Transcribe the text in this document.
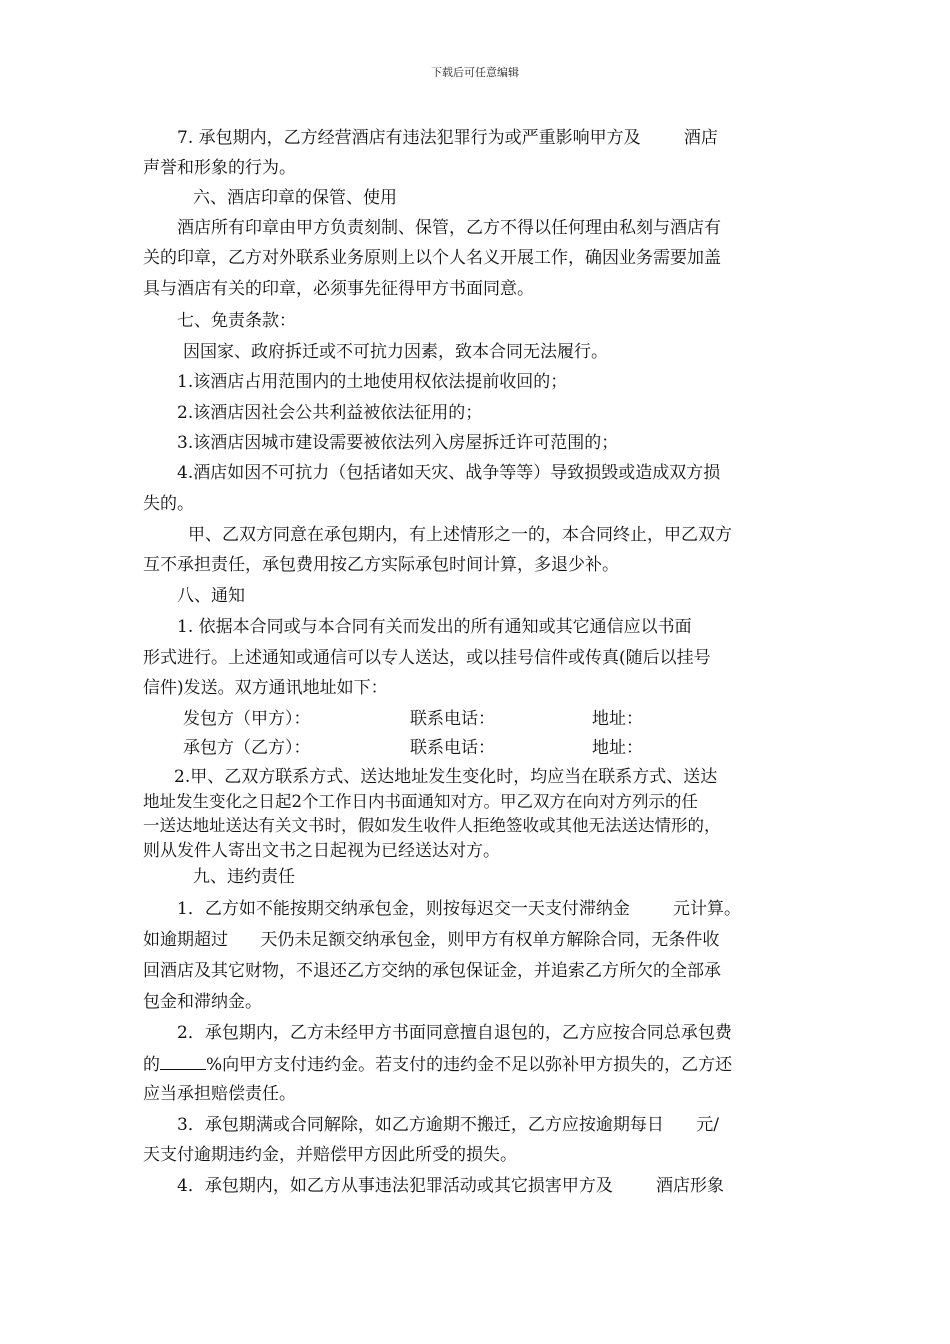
下载后可任意编辑
7. 承包期内，乙方经营酒店有违法犯罪行为或严重影响甲方及        酒店
声誉和形象的行为。
六、酒店印章的保管、使用
酒店所有印章由甲方负责刻制、保管，乙方不得以任何理由私刻与酒店有
关的印章，乙方对外联系业务原则上以个人名义开展工作，确因业务需要加盖
具与酒店有关的印章，必须事先征得甲方书面同意。
七、免责条款：
因国家、政府拆迁或不可抗力因素，致本合同无法履行。
1.该酒店占用范围内的土地使用权依法提前收回的；
2.该酒店因社会公共利益被依法征用的；
3.该酒店因城市建设需要被依法列入房屋拆迁许可范围的；
4.酒店如因不可抗力（包括诸如天灾、战争等等）导致损毁或造成双方损
失的。
甲、乙双方同意在承包期内，有上述情形之一的，本合同终止，甲乙双方
互不承担责任，承包费用按乙方实际承包时间计算，多退少补。
八、通知
1. 依据本合同或与本合同有关而发出的所有通知或其它通信应以书面
形式进行。上述通知或通信可以专人送达，或以挂号信件或传真(随后以挂号
信件)发送。双方通讯地址如下：
发包方（甲方）：	联系电话：	地址：
承包方（乙方）：	联系电话：	地址：
2.甲、乙双方联系方式、送达地址发生变化时，均应当在联系方式、送达
地址发生变化之日起2个工作日内书面通知对方。甲乙双方在向对方列示的任
一送达地址送达有关文书时，假如发生收件人拒绝签收或其他无法送达情形的，
则从发件人寄出文书之日起视为已经送达对方。
九、违约责任
1．乙方如不能按期交纳承包金，则按每迟交一天支付滞纳金        元计算。
如逾期超过      天仍未足额交纳承包金，则甲方有权单方解除合同，无条件收
回酒店及其它财物，不退还乙方交纳的承包保证金，并追索乙方所欠的全部承
包金和滞纳金。
2．承包期内，乙方未经甲方书面同意擅自退包的，乙方应按合同总承包费
的	%向甲方支付违约金。若支付的违约金不足以弥补甲方损失的，乙方还
应当承担赔偿责任。
3．承包期满或合同解除，如乙方逾期不搬迁，乙方应按逾期每日      元/
天支付逾期违约金，并赔偿甲方因此所受的损失。
4．承包期内，如乙方从事违法犯罪活动或其它损害甲方及        酒店形象
